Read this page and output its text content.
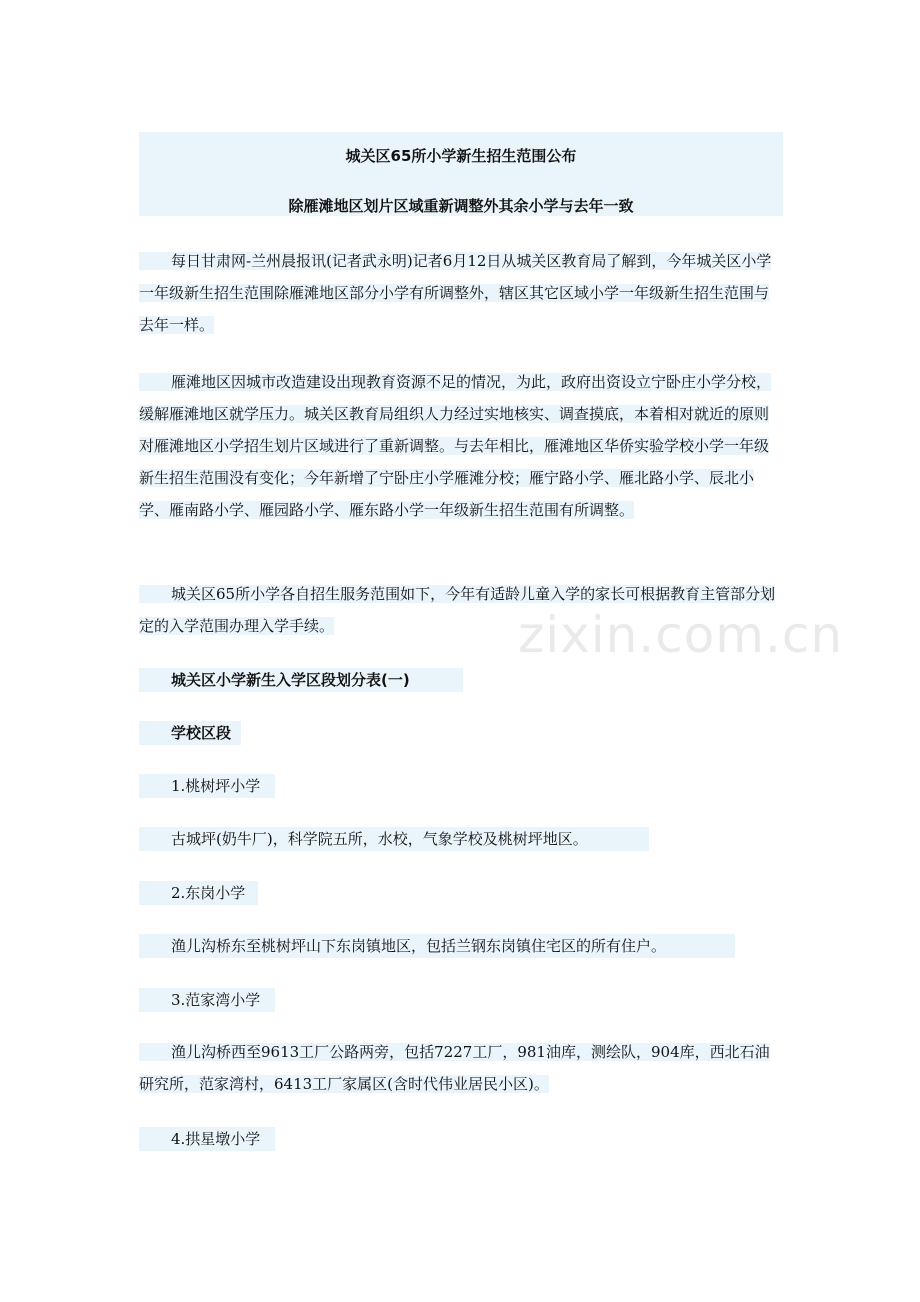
城关区65所小学新生招生范围公布
除雁滩地区划片区域重新调整外其余小学与去年一致

每日甘肃网-兰州晨报讯(记者武永明)记者6月12日从城关区教育局了解到，今年城关区小学一年级新生招生范围除雁滩地区部分小学有所调整外，辖区其它区域小学一年级新生招生范围与去年一样。

雁滩地区因城市改造建设出现教育资源不足的情况，为此，政府出资设立宁卧庄小学分校，缓解雁滩地区就学压力。城关区教育局组织人力经过实地核实、调查摸底，本着相对就近的原则对雁滩地区小学招生划片区域进行了重新调整。与去年相比，雁滩地区华侨实验学校小学一年级新生招生范围没有变化；今年新增了宁卧庄小学雁滩分校；雁宁路小学、雁北路小学、辰北小学、雁南路小学、雁园路小学、雁东路小学一年级新生招生范围有所调整。

城关区65所小学各自招生服务范围如下，今年有适龄儿童入学的家长可根据教育主管部分划定的入学范围办理入学手续。

城关区小学新生入学区段划分表(一)
学校区段
1.桃树坪小学
古城坪(奶牛厂)，科学院五所，水校，气象学校及桃树坪地区。
2.东岗小学
渔儿沟桥东至桃树坪山下东岗镇地区，包括兰钢东岗镇住宅区的所有住户。
3.范家湾小学

渔儿沟桥西至9613工厂公路两旁，包括7227工厂，981油库，测绘队，904库，西北石油研究所，范家湾村，6413工厂家属区(含时代伟业居民小区)。

4.拱星墩小学
zixin.com.cn
